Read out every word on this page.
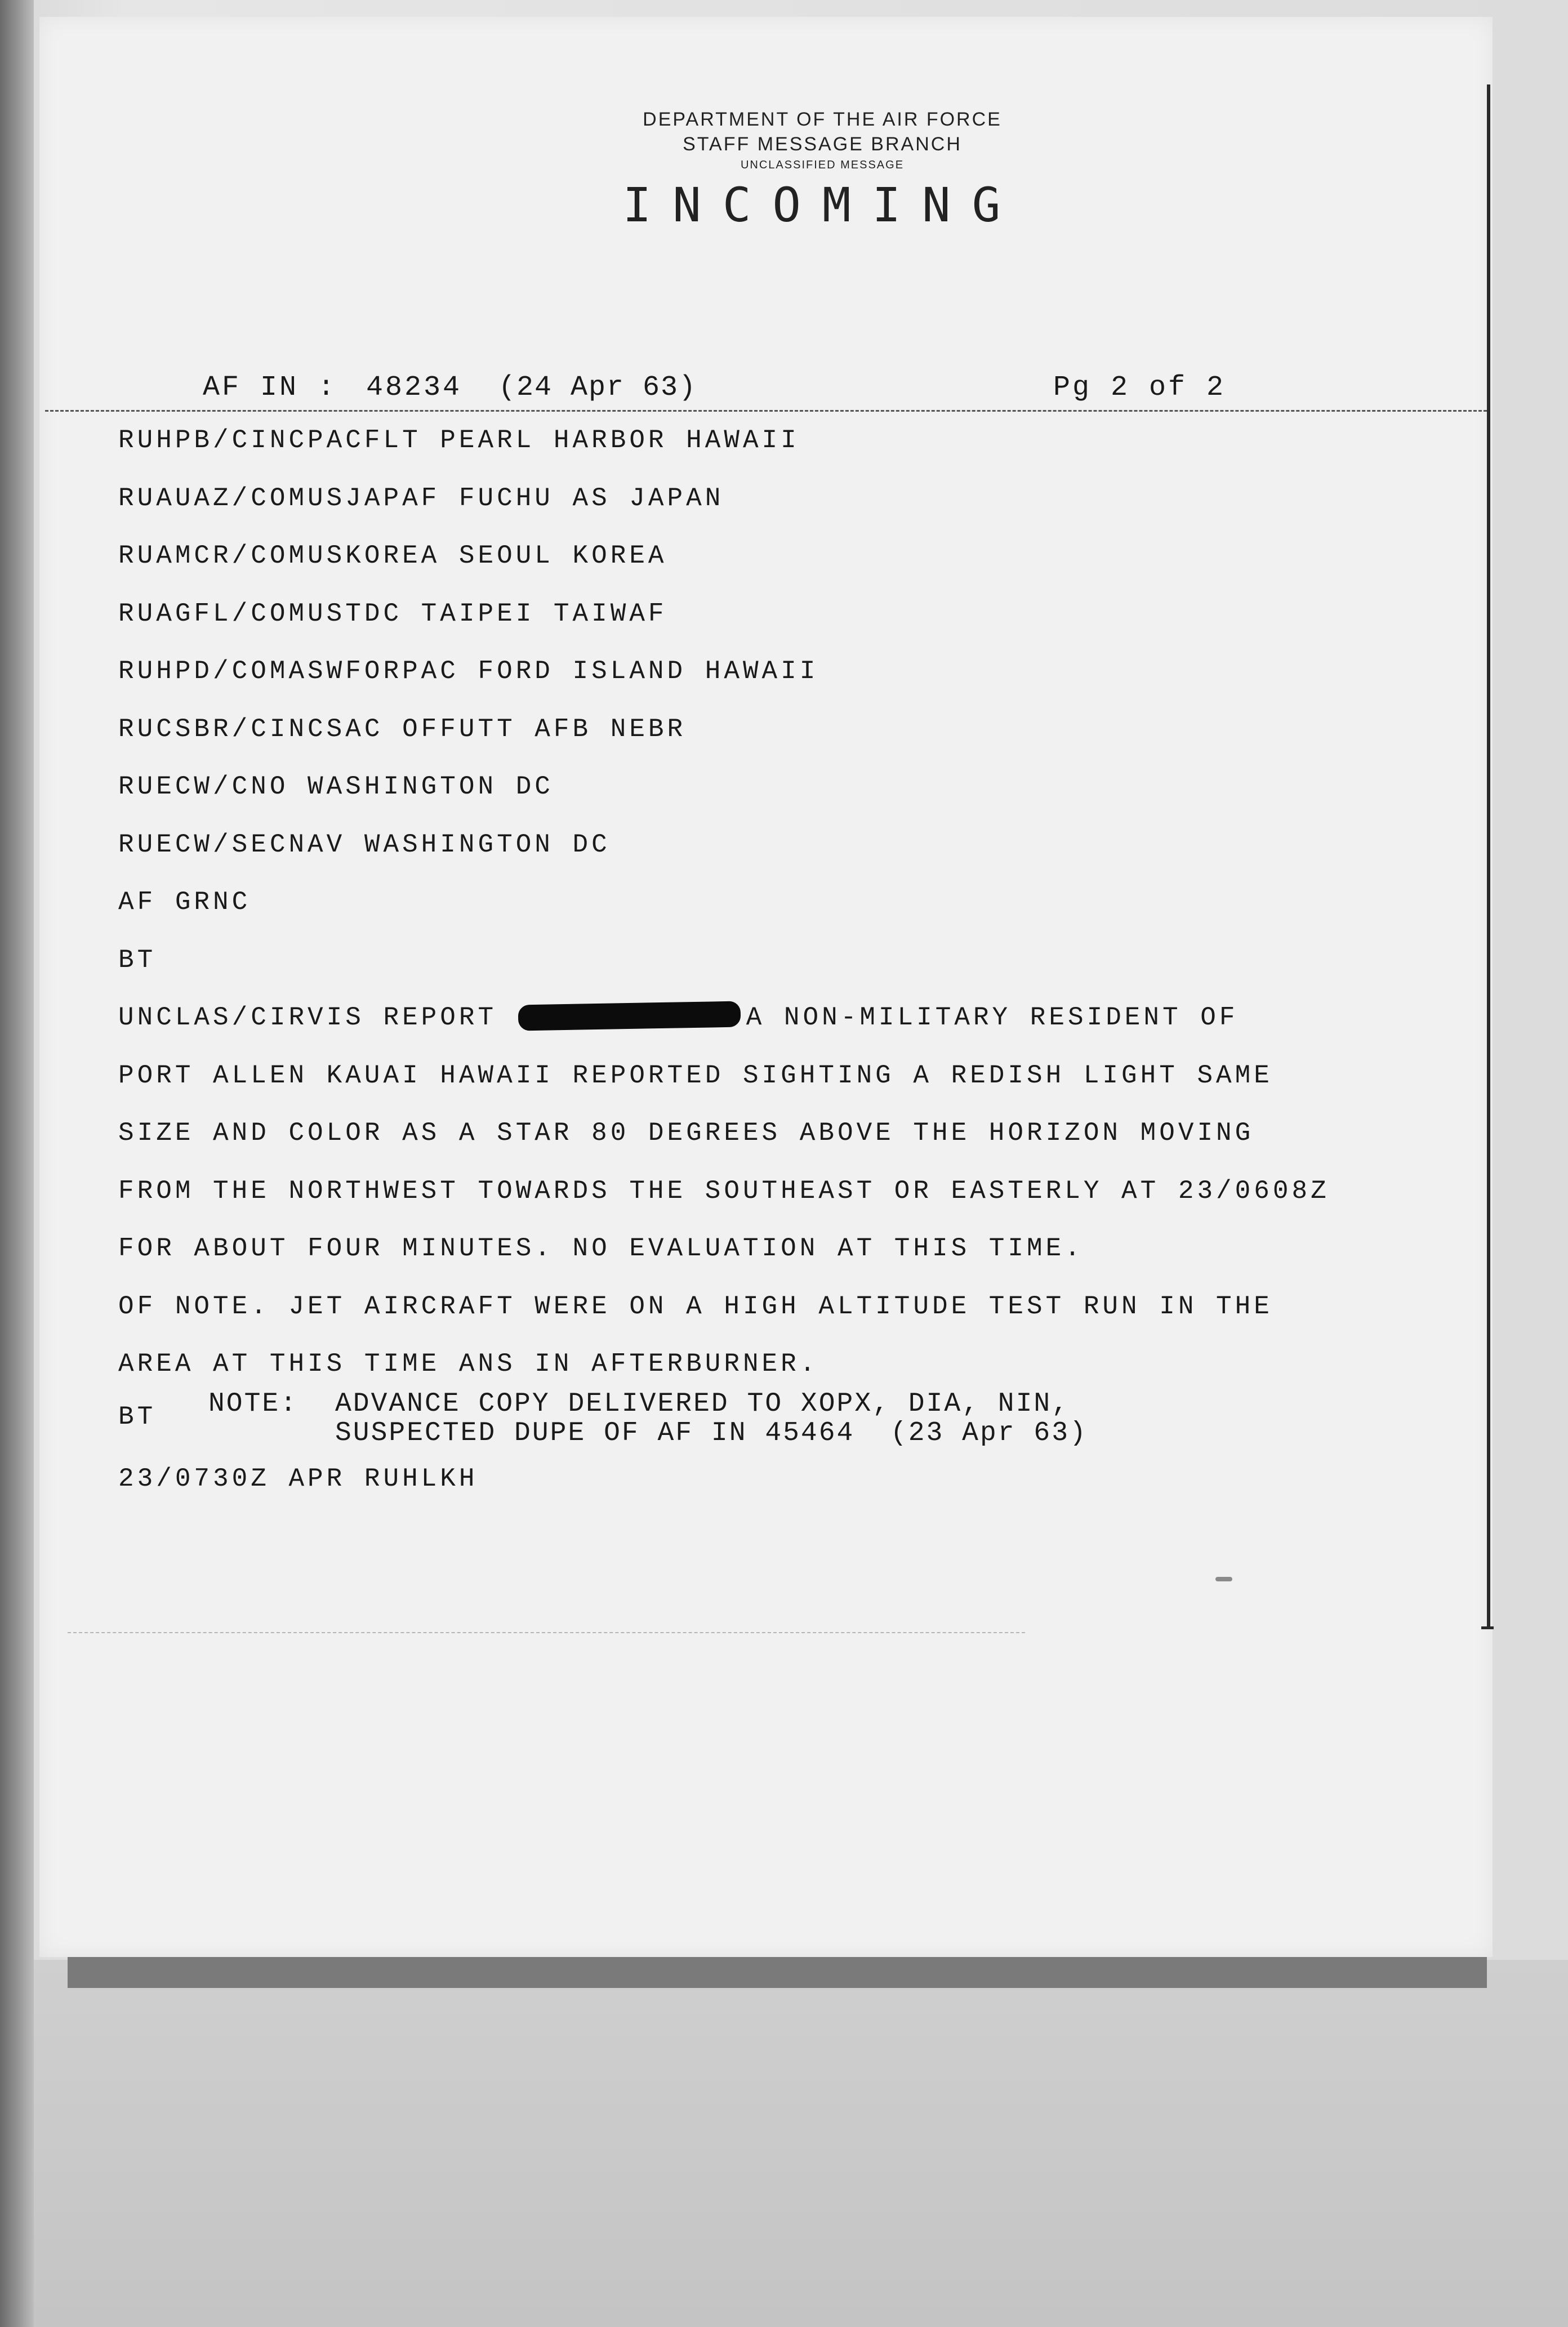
DEPARTMENT OF THE AIR FORCE
STAFF MESSAGE BRANCH
UNCLASSIFIED MESSAGE
INCOMING
AF IN : 48234 (24 Apr 63)	Pg 2 of 2
RUHPB/CINCPACFLT PEARL HARBOR HAWAII
RUAUAZ/COMUSJAPAF FUCHU AS JAPAN
RUAMCR/COMUSKOREA SEOUL KOREA
RUAGFL/COMUSTDC TAIPEI TAIWAF
RUHPD/COMASWFORPAC FORD ISLAND HAWAII
RUCSBR/CINCSAC OFFUTT AFB NEBR
RUECW/CNO WASHINGTON DC
RUECW/SECNAV WASHINGTON DC
AF GRNC
BT
UNCLAS/CIRVIS REPORT	A NON-MILITARY RESIDENT OF
PORT ALLEN KAUAI HAWAII REPORTED SIGHTING A REDISH LIGHT SAME
SIZE AND COLOR AS A STAR 80 DEGREES ABOVE THE HORIZON MOVING
FROM THE NORTHWEST TOWARDS THE SOUTHEAST OR EASTERLY AT 23/0608Z
FOR ABOUT FOUR MINUTES. NO EVALUATION AT THIS TIME.
OF NOTE. JET AIRCRAFT WERE ON A HIGH ALTITUDE TEST RUN IN THE
AREA AT THIS TIME ANS IN AFTERBURNER.
BT NOTE: ADVANCE COPY DELIVERED TO XOPX, DIA, NIN,
SUSPECTED DUPE OF AF IN 45464  (23 Apr 63)
23/0730Z APR RUHLKH
